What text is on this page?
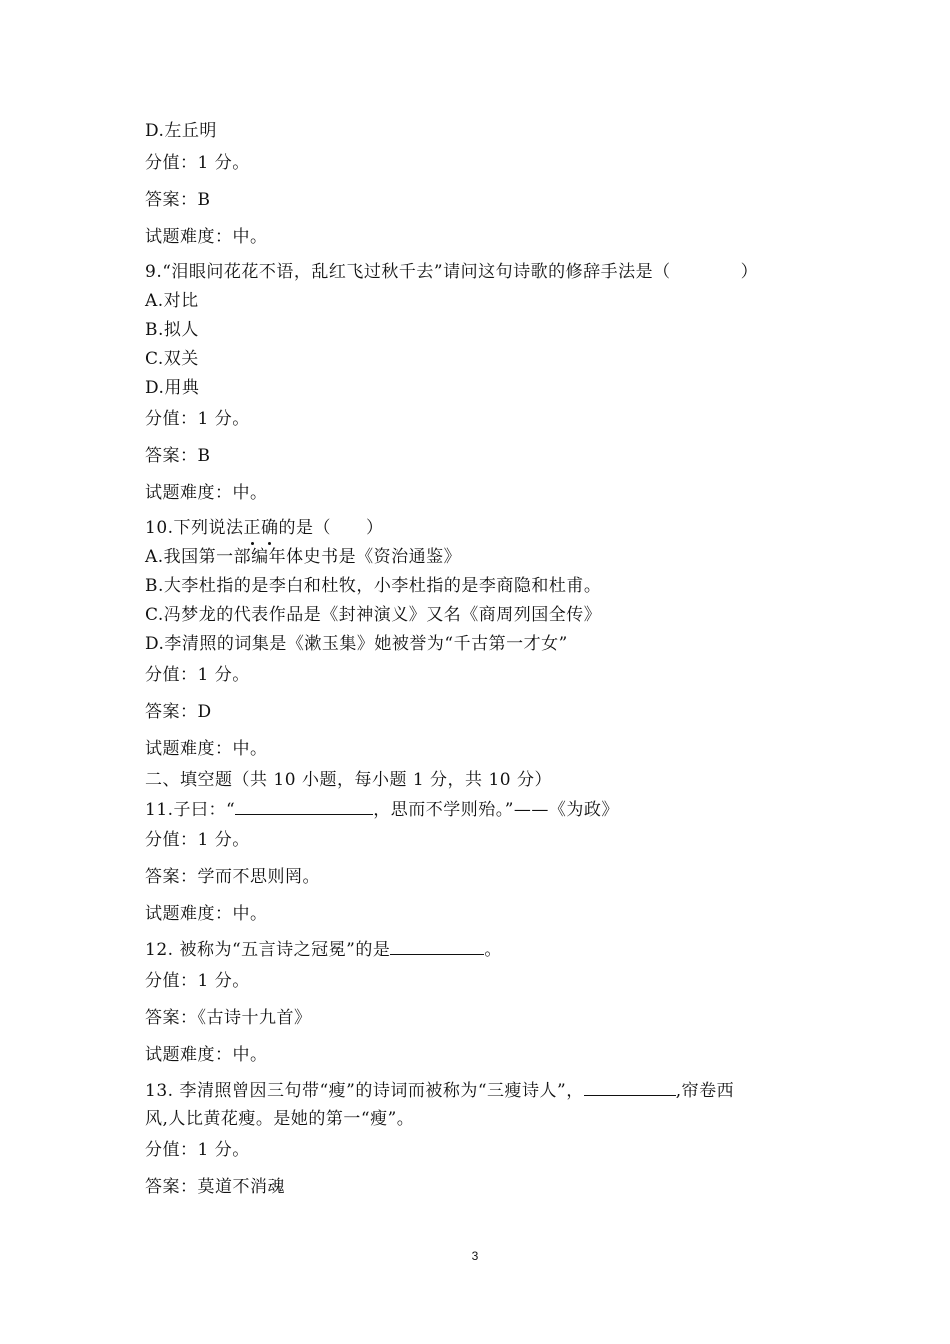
D.左丘明
分值：1 分。
答案：B
试题难度：中。
9.“泪眼问花花不语，乱红飞过秋千去”请问这句诗歌的修辞手法是（　　　　）
A.对比
B.拟人
C.双关
D.用典
分值：1 分。
答案：B
试题难度：中。
10.下列说法正确的是（　　）
A.我国第一部编年体史书是《资治通鉴》
B.大李杜指的是李白和杜牧，小李杜指的是李商隐和杜甫。
C.冯梦龙的代表作品是《封神演义》又名《商周列国全传》
D.李清照的词集是《漱玉集》她被誉为“千古第一才女”
分值：1 分。
答案：D
试题难度：中。
二、填空题（共 10 小题，每小题 1 分，共 10 分）
11.子曰：“	，思而不学则殆。”——《为政》
分值：1 分。
答案：学而不思则罔。
试题难度：中。
12. 被称为“五言诗之冠冕”的是	。
分值：1 分。
答案：《古诗十九首》
试题难度：中。
13. 李清照曾因三句带“瘦”的诗词而被称为“三瘦诗人”，	,帘卷西
风,人比黄花瘦。是她的第一“瘦”。
分值：1 分。
答案：莫道不消魂
3
